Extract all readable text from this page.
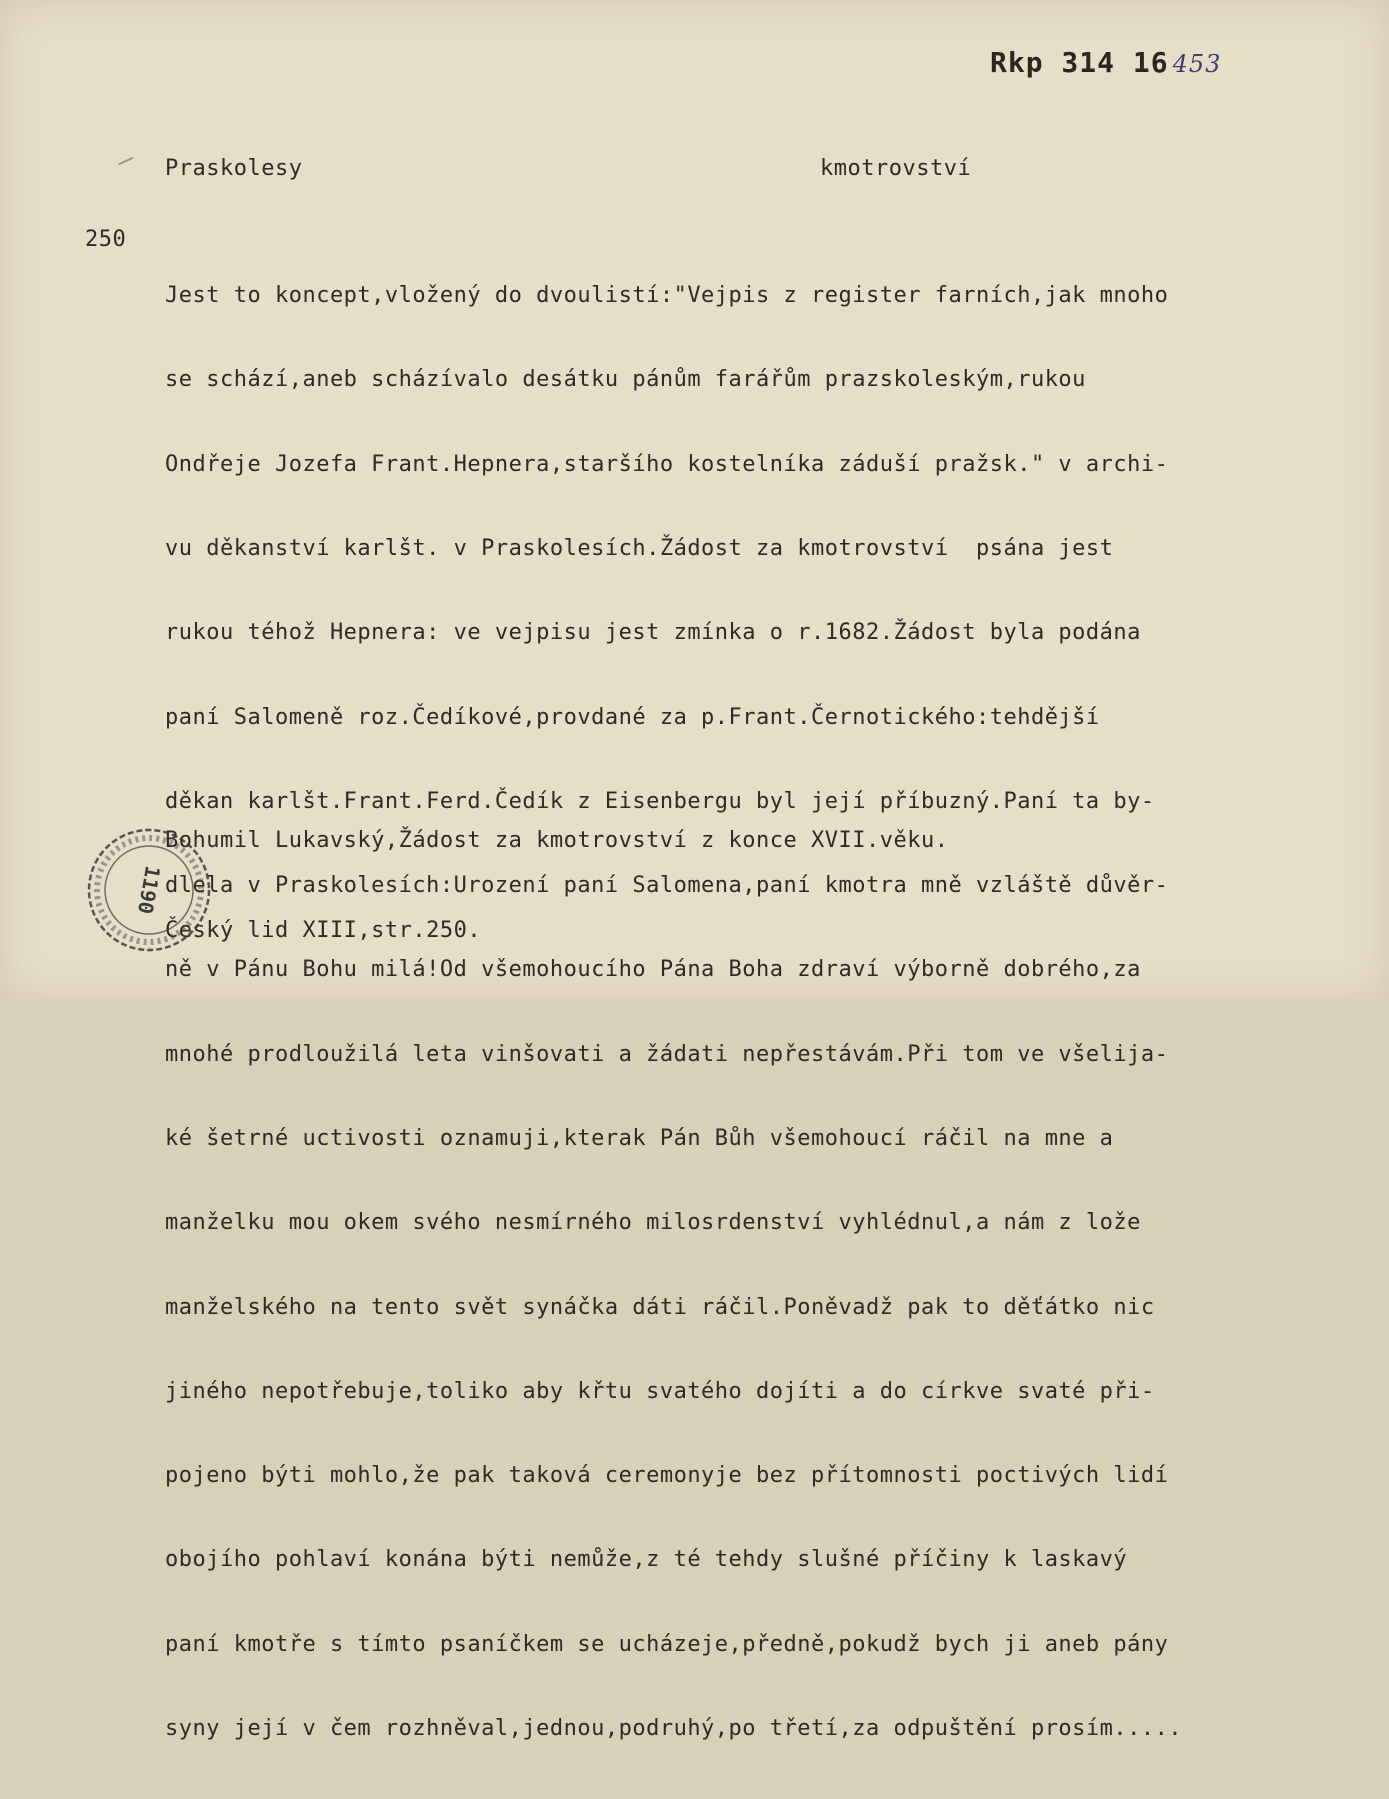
Rkp 314 16 453
Praskolesy	kmotrovství
250

Jest to koncept,vložený do dvoulistí:"Vejpis z register farních,jak mnoho

se schází,aneb scházívalo desátku pánům farářům prazskoleským,rukou

Ondřeje Jozefa Frant.Hepnera,staršího kostelníka záduší pražsk." v archi-

vu děkanství karlšt. v Praskolesích.Žádost za kmotrovství  psána jest

rukou téhož Hepnera: ve vejpisu jest zmínka o r.1682.Žádost byla podána

paní Salomeně roz.Čedíkové,provdané za p.Frant.Černotického:tehdější

děkan karlšt.Frant.Ferd.Čedík z Eisenbergu byl její příbuzný.Paní ta by-

dlela v Praskolesích:Urození paní Salomena,paní kmotra mně vzláště důvěr-

ně v Pánu Bohu milá!Od všemohoucího Pána Boha zdraví výborně dobrého,za

mnohé prodloužilá leta vinšovati a žádati nepřestávám.Při tom ve všelija-

ké šetrné uctivosti oznamuji,kterak Pán Bůh všemohoucí ráčil na mne a

manželku mou okem svého nesmírného milosrdenství vyhlédnul,a nám z lože

manželského na tento svět synáčka dáti ráčil.Poněvadž pak to děťátko nic

jiného nepotřebuje,toliko aby křtu svatého dojíti a do církve svaté při-

pojeno býti mohlo,že pak taková ceremonyje bez přítomnosti poctivých lidí

obojího pohlaví konána býti nemůže,z té tehdy slušné příčiny k laskavý

paní kmotře s tímto psaníčkem se ucházeje,předně,pokudž bych ji aneb pány

syny její v čem rozhněval,jednou,podruhý,po třetí,za odpuštění prosím.....

Bohumil Lukavský,Žádost za kmotrovství z konce XVII.věku.

Český lid XIII,str.250.

1190
